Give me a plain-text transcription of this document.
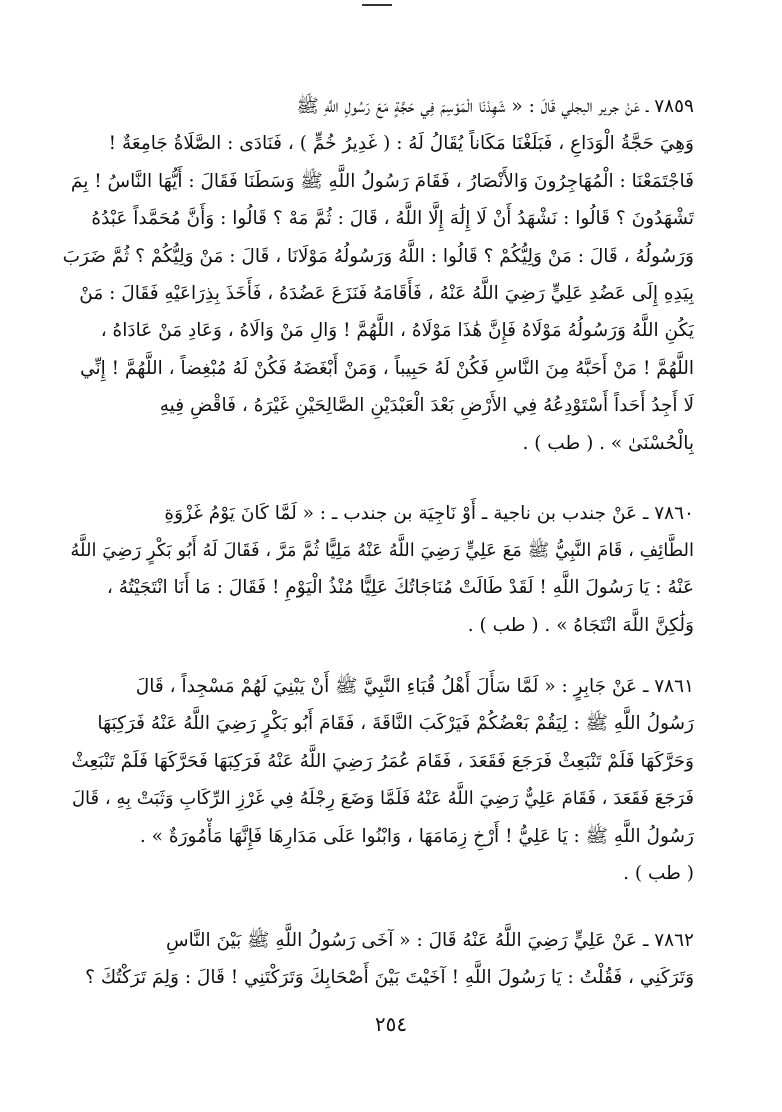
٧٨٥٩ ـ عَنْ جرير البجلي قَالَ : « شَهِدْنَا الْمَوْسِمَ فِي حَجَّةٍ مَعَ رَسُولِ اللَّهِ ﷺ
وَهِيَ حَجَّةُ الْوَدَاعِ ، فَبَلَغْنَا مَكَاناً يُقَالُ لَهُ : ( غَدِيرُ خُمٍّ ) ، فَنَادَى : الصَّلَاةُ جَامِعَةٌ !
فَاجْتَمَعْنَا : الْمُهَاجِرُونَ وَالأَنْصَارُ ، فَقَامَ رَسُولُ اللَّهِ ﷺ وَسَطَنَا فَقَالَ : أَيُّهَا النَّاسُ ! بِمَ
تَشْهَدُونَ ؟ قَالُوا : نَشْهَدُ أَنْ لَا إِلَٰهَ إِلَّا اللَّهُ ، قَالَ : ثُمَّ مَهْ ؟ قَالُوا : وَأَنَّ مُحَمَّداً عَبْدُهُ
وَرَسُولُهُ ، قَالَ : مَنْ وَلِيُّكُمْ ؟ قَالُوا : اللَّهُ وَرَسُولُهُ مَوْلَانَا ، قَالَ : مَنْ وَلِيُّكُمْ ؟ ثُمَّ ضَرَبَ
بِيَدِهِ إِلَى عَضُدِ عَلِيٍّ رَضِيَ اللَّهُ عَنْهُ ، فَأَقَامَهُ فَنَزَعَ عَضُدَهُ ، فَأَخَذَ بِذِرَاعَيْهِ فَقَالَ : مَنْ
يَكُنِ اللَّهُ وَرَسُولُهُ مَوْلَاهُ فَإِنَّ هَٰذَا مَوْلَاهُ ، اللَّهُمَّ ! وَالِ مَنْ وَالَاهُ ، وَعَادِ مَنْ عَادَاهُ ،
اللَّهُمَّ ! مَنْ أَحَبَّهُ مِنَ النَّاسِ فَكُنْ لَهُ حَبِيباً ، وَمَنْ أَبْغَضَهُ فَكُنْ لَهُ مُبْغِضاً ، اللَّهُمَّ ! إِنِّي
لَا أَجِدُ أَحَداً أَسْتَوْدِعُهُ فِي الأَرْضِ بَعْدَ الْعَبْدَيْنِ الصَّالِحَيْنِ غَيْرَهُ ، فَاقْضِ فِيهِ
بِالْحُسْنَىٰ » . ( طب ) .
٧٨٦٠ ـ عَنْ جندب بن ناجية ـ أَوْ نَاجِيَة بن جندب ـ : « لَمَّا كَانَ يَوْمُ غَزْوَةِ
الطَّائِفِ ، قَامَ النَّبِيُّ ﷺ مَعَ عَلِيٍّ رَضِيَ اللَّهُ عَنْهُ مَلِيًّا ثُمَّ مَرَّ ، فَقَالَ لَهُ أَبُو بَكْرٍ رَضِيَ اللَّهُ
عَنْهُ : يَا رَسُولَ اللَّهِ ! لَقَدْ طَالَتْ مُنَاجَاتُكَ عَلِيًّا مُنْذُ الْيَوْمِ ! فَقَالَ : مَا أَنَا انْتَجَيْتُهُ ،
وَلَٰكِنَّ اللَّهَ انْتَجَاهُ » . ( طب ) .
٧٨٦١ ـ عَنْ جَابِرٍ : « لَمَّا سَأَلَ أَهْلُ قُبَاءِ النَّبِيَّ ﷺ أَنْ يَبْنِيَ لَهُمْ مَسْجِداً ، قَالَ
رَسُولُ اللَّهِ ﷺ : لِيَقُمْ بَعْضُكُمْ فَيَرْكَبَ النَّاقَةَ ، فَقَامَ أَبُو بَكْرٍ رَضِيَ اللَّهُ عَنْهُ فَرَكِبَهَا
وَحَرَّكَهَا فَلَمْ تَنْبَعِثْ فَرَجَعَ فَقَعَدَ ، فَقَامَ عُمَرُ رَضِيَ اللَّهُ عَنْهُ فَرَكِبَهَا فَحَرَّكَهَا فَلَمْ تَنْبَعِثْ
فَرَجَعَ فَقَعَدَ ، فَقَامَ عَلِيٌّ رَضِيَ اللَّهُ عَنْهُ فَلَمَّا وَضَعَ رِجْلَهُ فِي غَرْزِ الرِّكَابِ وَثَبَتْ بِهِ ، قَالَ
رَسُولُ اللَّهِ ﷺ : يَا عَلِيُّ ! أَرْخِ زِمَامَهَا ، وَابْنُوا عَلَى مَدَارِهَا فَإِنَّهَا مَأْمُورَةٌ » .
( طب ) .
٧٨٦٢ ـ عَنْ عَلِيٍّ رَضِيَ اللَّهُ عَنْهُ قَالَ : « آخَى رَسُولُ اللَّهِ ﷺ بَيْنَ النَّاسِ
وَتَرَكَنِي ، فَقُلْتُ : يَا رَسُولَ اللَّهِ ! آخَيْتَ بَيْنَ أَصْحَابِكَ وَتَرَكْتَنِي ! قَالَ : وَلِمَ تَرَكْتُكَ ؟
٢٥٤
